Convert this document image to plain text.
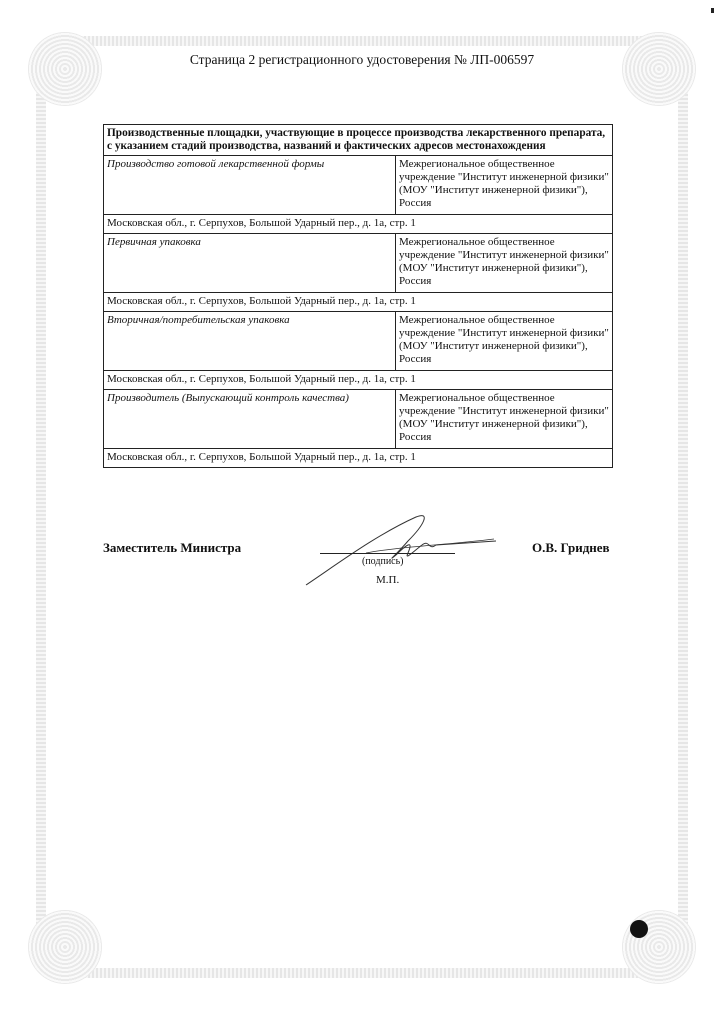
Страница 2 регистрационного удостоверения № ЛП-006597
Производственные площадки, участвующие в процессе производства лекарственного препарата, с указанием стадий производства, названий и фактических адресов местонахождения	
Производство готовой лекарственной формы	Межрегиональное общественное учреждение "Институт инженерной физики" (МОУ "Институт инженерной физики"), Россия
Московская обл., г. Серпухов, Большой Ударный пер., д. 1а, стр. 1	
Первичная упаковка	Межрегиональное общественное учреждение "Институт инженерной физики" (МОУ "Институт инженерной физики"), Россия
Московская обл., г. Серпухов, Большой Ударный пер., д. 1а, стр. 1	
Вторичная/потребительская упаковка	Межрегиональное общественное учреждение "Институт инженерной физики" (МОУ "Институт инженерной физики"), Россия
Московская обл., г. Серпухов, Большой Ударный пер., д. 1а, стр. 1	
Производитель (Выпускающий контроль качества)	Межрегиональное общественное учреждение "Институт инженерной физики" (МОУ "Институт инженерной физики"), Россия
Московская обл., г. Серпухов, Большой Ударный пер., д. 1а, стр. 1	
Заместитель Министра
(подпись)
М.П.
О.В. Гриднев
